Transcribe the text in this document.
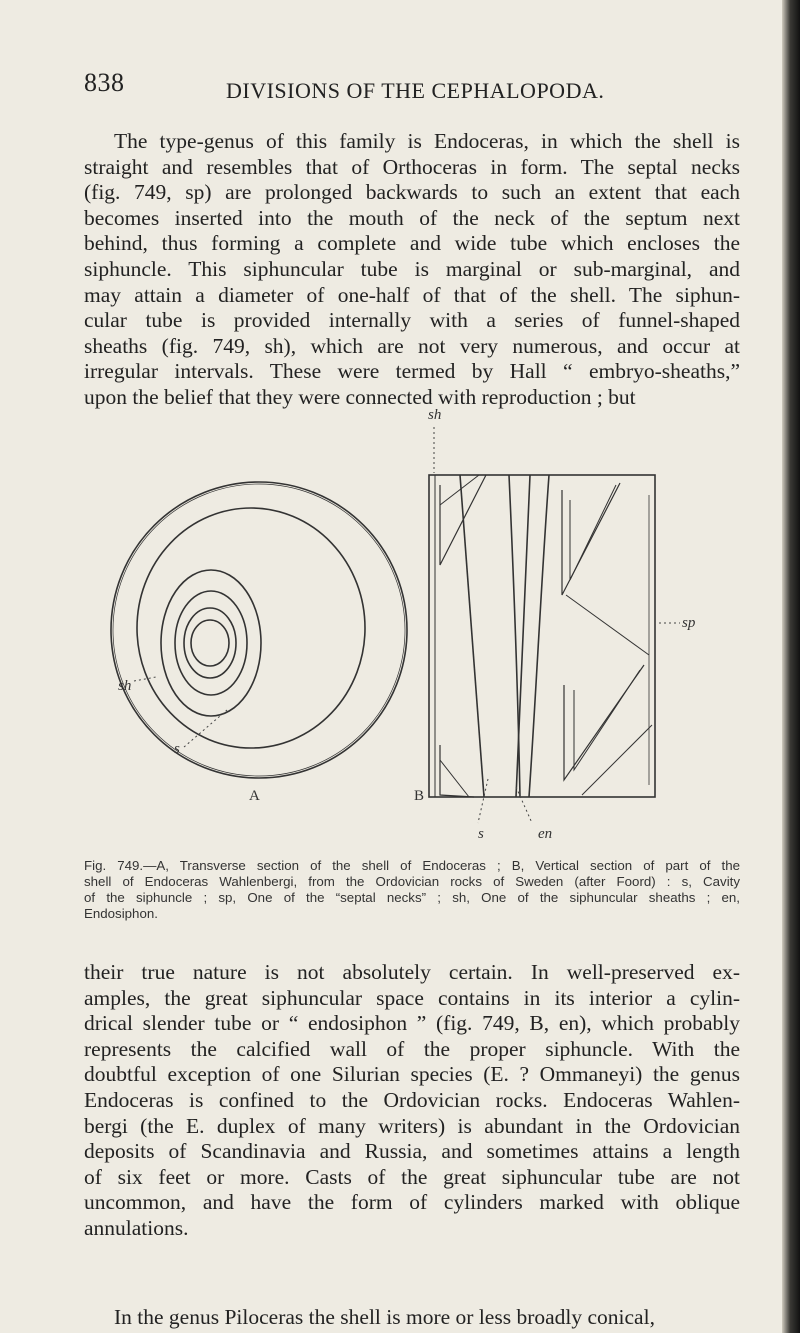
838	DIVISIONS OF THE CEPHALOPODA.
The type-genus of this family is Endoceras, in which the shell is
straight and resembles that of Orthoceras in form. The septal necks
(fig. 749, sp) are prolonged backwards to such an extent that each
becomes inserted into the mouth of the neck of the septum next
behind, thus forming a complete and wide tube which encloses the
siphuncle. This siphuncular tube is marginal or sub-marginal, and
may attain a diameter of one-half of that of the shell. The siphun-
cular tube is provided internally with a series of funnel-shaped
sheaths (fig. 749, sh), which are not very numerous, and occur at
irregular intervals. These were termed by Hall “ embryo-sheaths,”
upon the belief that they were connected with reproduction ; but
sh
sp
sh
s
A	B
s	en
Fig. 749.—A, Transverse section of the shell of Endoceras ; B, Vertical section of part of the
shell of Endoceras Wahlenbergi, from the Ordovician rocks of Sweden (after Foord) : s, Cavity
of the siphuncle ; sp, One of the “septal necks” ; sh, One of the siphuncular sheaths ; en,
Endosiphon.
their true nature is not absolutely certain. In well-preserved ex-
amples, the great siphuncular space contains in its interior a cylin-
drical slender tube or “ endosiphon ” (fig. 749, B, en), which probably
represents the calcified wall of the proper siphuncle. With the
doubtful exception of one Silurian species (E. ? Ommaneyi) the genus
Endoceras is confined to the Ordovician rocks. Endoceras Wahlen-
bergi (the E. duplex of many writers) is abundant in the Ordovician
deposits of Scandinavia and Russia, and sometimes attains a length
of six feet or more. Casts of the great siphuncular tube are not
uncommon, and have the form of cylinders marked with oblique
annulations.
In the genus Piloceras the shell is more or less broadly conical,
